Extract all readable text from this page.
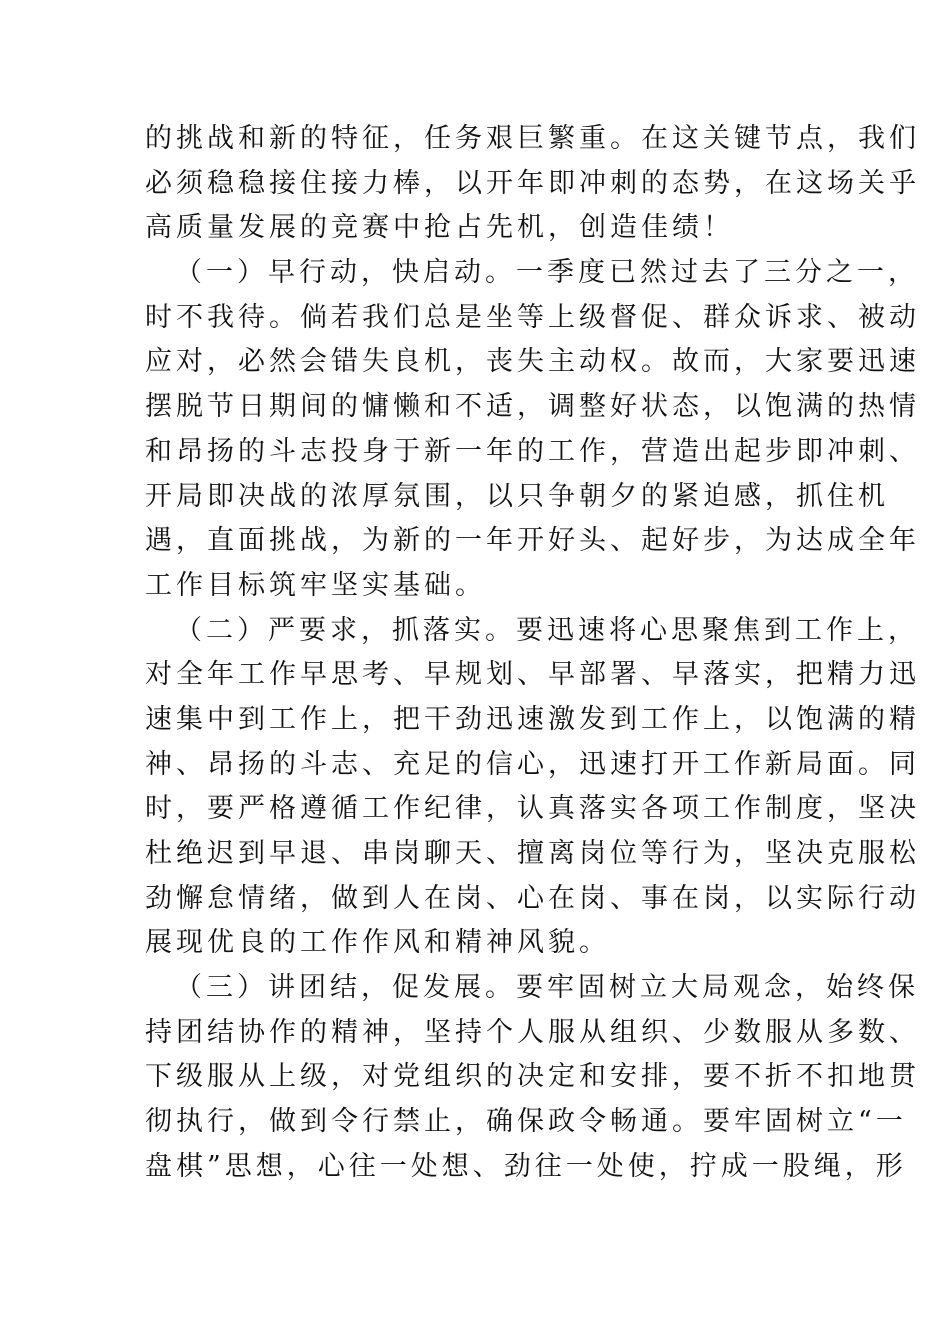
的挑战和新的特征，任务艰巨繁重。在这关键节点，我们
必须稳稳接住接力棒，以开年即冲刺的态势，在这场关乎
高质量发展的竞赛中抢占先机，创造佳绩！
（一）早行动，快启动。一季度已然过去了三分之一，
时不我待。倘若我们总是坐等上级督促、群众诉求、被动
应对，必然会错失良机，丧失主动权。故而，大家要迅速
摆脱节日期间的慵懒和不适，调整好状态，以饱满的热情
和昂扬的斗志投身于新一年的工作，营造出起步即冲刺、
开局即决战的浓厚氛围，以只争朝夕的紧迫感，抓住机
遇，直面挑战，为新的一年开好头、起好步，为达成全年
工作目标筑牢坚实基础。
（二）严要求，抓落实。要迅速将心思聚焦到工作上，
对全年工作早思考、早规划、早部署、早落实，把精力迅
速集中到工作上，把干劲迅速激发到工作上，以饱满的精
神、昂扬的斗志、充足的信心，迅速打开工作新局面。同
时，要严格遵循工作纪律，认真落实各项工作制度，坚决
杜绝迟到早退、串岗聊天、擅离岗位等行为，坚决克服松
劲懈怠情绪，做到人在岗、心在岗、事在岗，以实际行动
展现优良的工作作风和精神风貌。
（三）讲团结，促发展。要牢固树立大局观念，始终保
持团结协作的精神，坚持个人服从组织、少数服从多数、
下级服从上级，对党组织的决定和安排，要不折不扣地贯
彻执行，做到令行禁止，确保政令畅通。要牢固树立“一
盘棋”思想，心往一处想、劲往一处使，拧成一股绳，形
